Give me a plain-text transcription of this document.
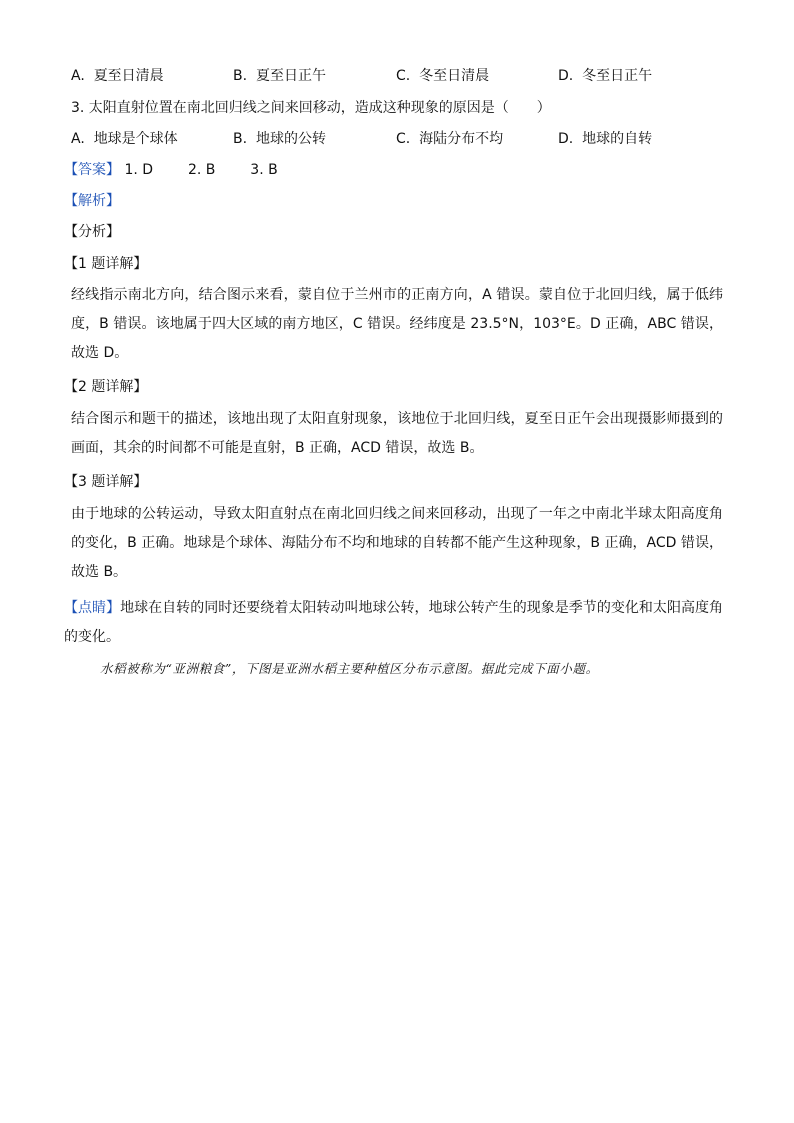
A. 夏至日清晨	B. 夏至日正午	C. 冬至日清晨	D. 冬至日正午
3. 太阳直射位置在南北回归线之间来回移动，造成这种现象的原因是（　　）
A. 地球是个球体	B. 地球的公转	C. 海陆分布不均	D. 地球的自转
【答案】 1. D 2. B 3. B
【解析】
【分析】
【1 题详解】
经线指示南北方向，结合图示来看，蒙自位于兰州市的正南方向，A 错误。蒙自位于北回归线，属于低纬度，B 错误。该地属于四大区域的南方地区，C 错误。经纬度是 23.5°N，103°E。D 正确，ABC 错误，故选 D。
【2 题详解】
结合图示和题干的描述，该地出现了太阳直射现象，该地位于北回归线，夏至日正午会出现摄影师摄到的画面，其余的时间都不可能是直射，B 正确，ACD 错误，故选 B。
【3 题详解】
由于地球的公转运动，导致太阳直射点在南北回归线之间来回移动，出现了一年之中南北半球太阳高度角的变化，B 正确。地球是个球体、海陆分布不均和地球的自转都不能产生这种现象，B 正确，ACD 错误，故选 B。
【点睛】地球在自转的同时还要绕着太阳转动叫地球公转，地球公转产生的现象是季节的变化和太阳高度角的变化。
水稻被称为“亚洲粮食”，下图是亚洲水稻主要种植区分布示意图。据此完成下面小题。
